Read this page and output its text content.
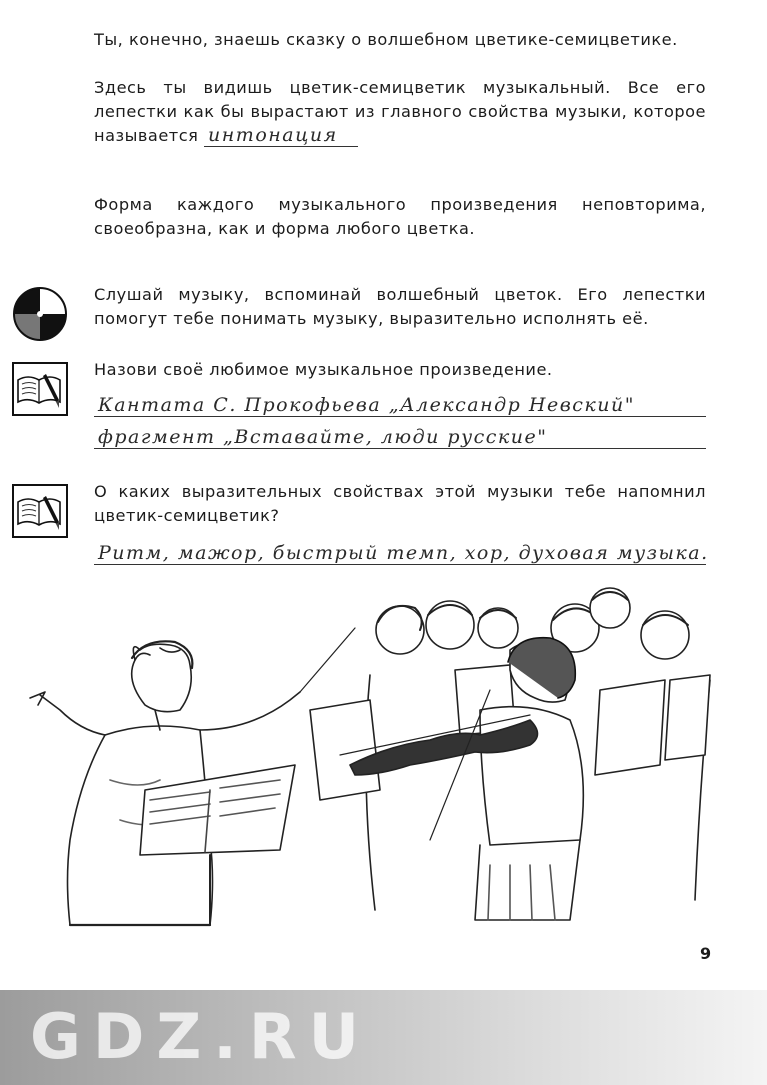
Ты, конечно, знаешь сказку о волшебном цветике-семицветике.

Здесь ты видишь цветик-семицветик музыкальный. Все его лепестки как бы вырастают из главного свойства музыки, которое называется интонация

Форма каждого музыкального произведения неповторима, своеобразна, как и форма любого цветка.

Слушай музыку, вспоминай волшебный цветок. Его лепестки помогут тебе понимать музыку, выразительно исполнять её.

Назови своё любимое музыкальное произведение.

Кантата С. Прокофьева „Александр Невский"
фрагмент „Вставайте, люди русские"

О каких выразительных свойствах этой музыки тебе напомнил цветик-семицветик?

Ритм, мажор, быстрый темп, хор, духовая музыка.
9
GDZ.RU
